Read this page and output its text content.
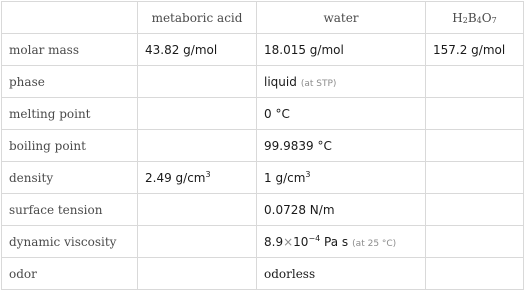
	metaboric acid	water	$H_2B_4O_7$
molar mass	43.82 g/mol	18.015 g/mol	157.2 g/mol
phase		liquid (at STP)	
melting point		0 °C	
boiling point		99.9839 °C	
density	2.49 $g/cm^3$	1 $g/cm^3$	
surface tension		0.0728 N/m	
dynamic viscosity		$8.9\times 10^{-4}$ Pa s (at 25 °C)	
odor		odorless	
